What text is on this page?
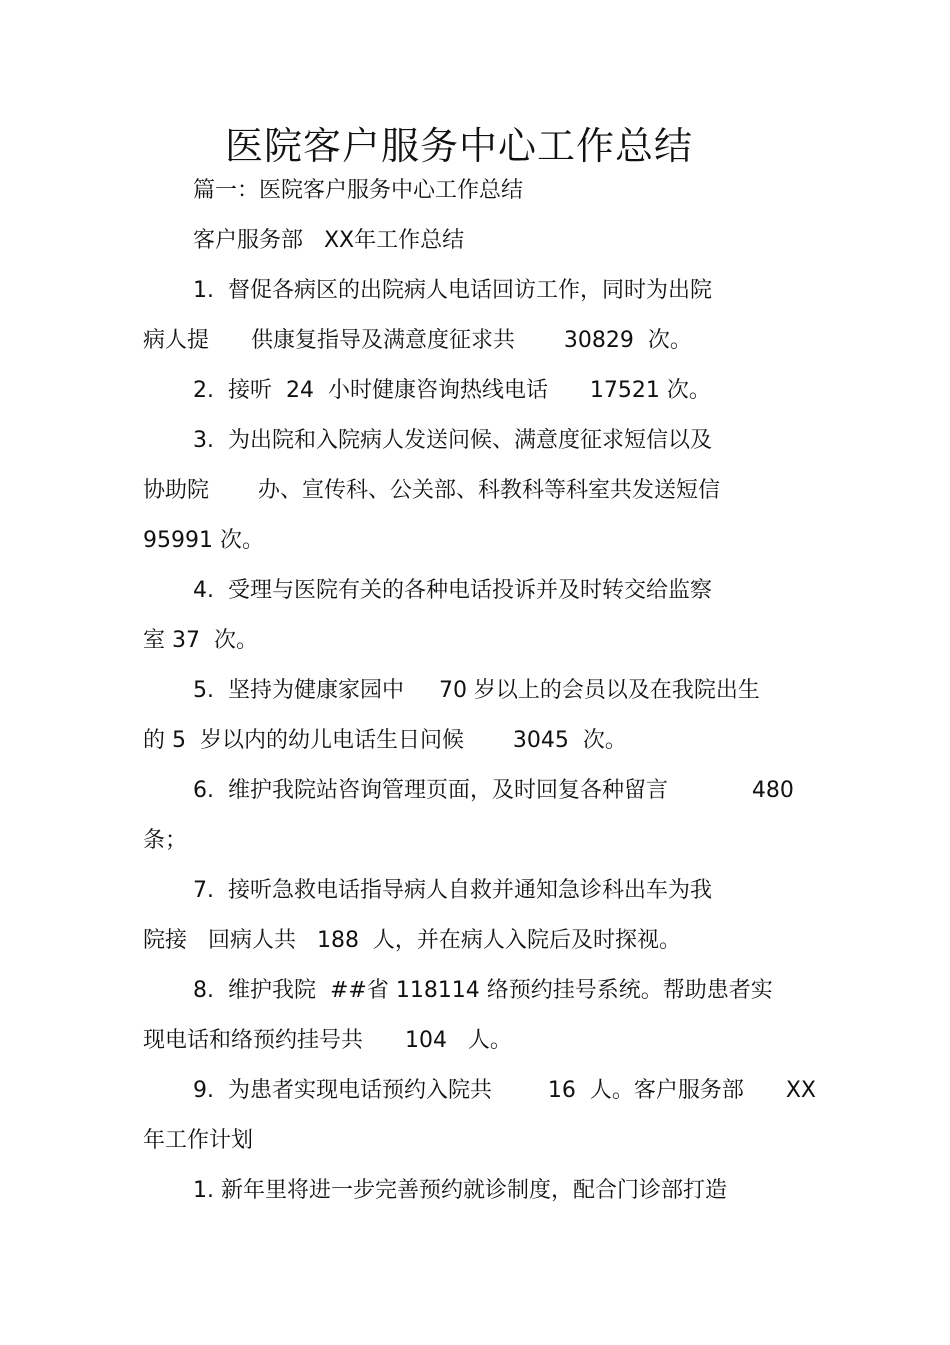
医院客户服务中心工作总结
篇一：医院客户服务中心工作总结
客户服务部   XX年工作总结
1.  督促各病区的出院病人电话回访工作，同时为出院
病人提      供康复指导及满意度征求共       30829  次。
2.  接听  24  小时健康咨询热线电话      17521 次。
3.  为出院和入院病人发送问候、满意度征求短信以及
协助院       办、宣传科、公关部、科教科等科室共发送短信
95991 次。
4.  受理与医院有关的各种电话投诉并及时转交给监察
室 37  次。
5.  坚持为健康家园中     70 岁以上的会员以及在我院出生
的 5  岁以内的幼儿电话生日问候       3045  次。
6.  维护我院站咨询管理页面，及时回复各种留言            480
条；
7.  接听急救电话指导病人自救并通知急诊科出车为我
院接   回病人共   188  人，并在病人入院后及时探视。
8.  维护我院  ##省 118114 络预约挂号系统。帮助患者实
现电话和络预约挂号共      104   人。
9.  为患者实现电话预约入院共        16  人。客户服务部      XX
年工作计划
1. 新年里将进一步完善预约就诊制度，配合门诊部打造
